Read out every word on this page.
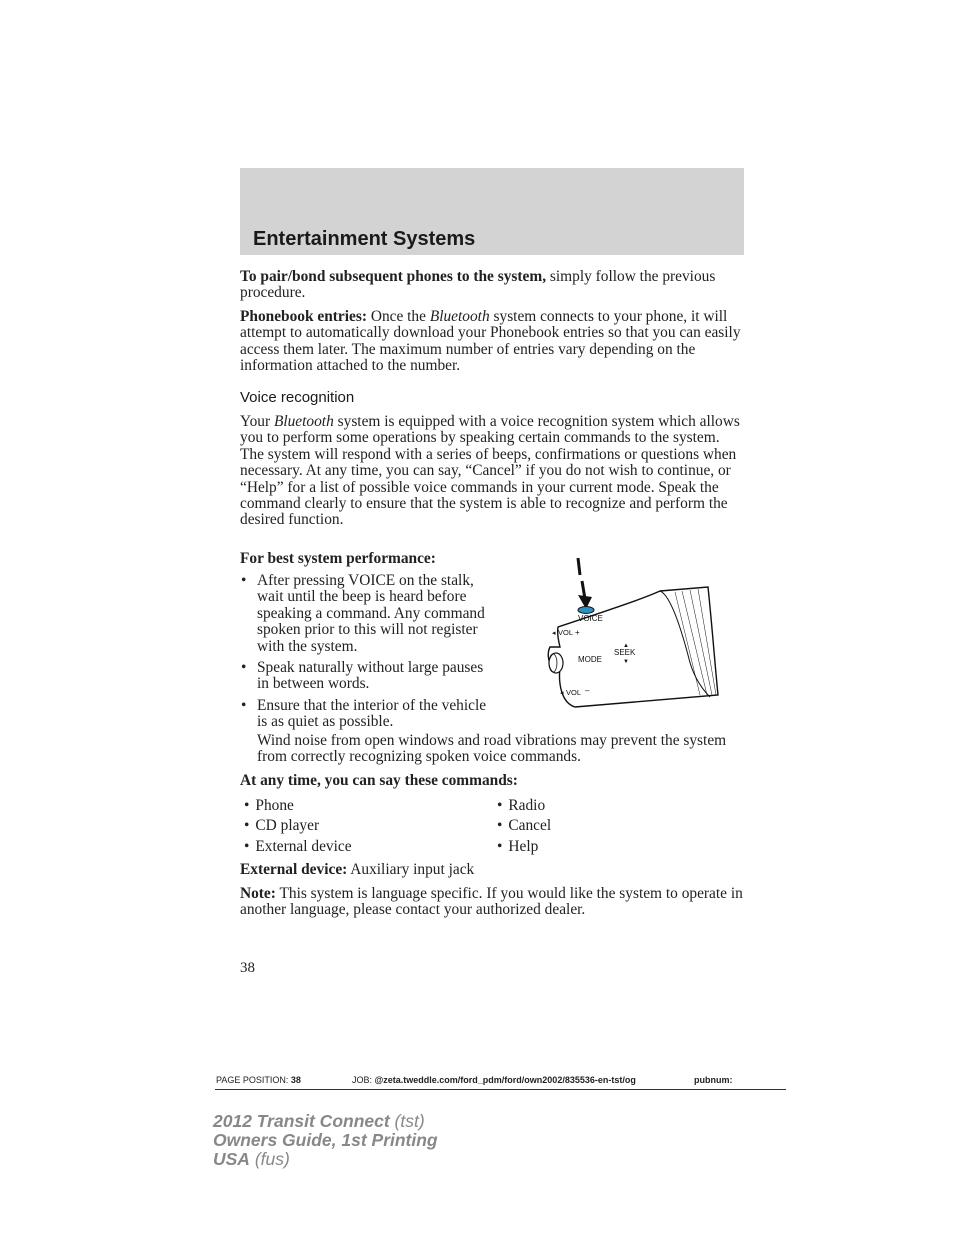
Entertainment Systems

To pair/bond subsequent phones to the system, simply follow the previous procedure.

Phonebook entries: Once the Bluetooth system connects to your phone, it will attempt to automatically download your Phonebook entries so that you can easily access them later. The maximum number of entries vary depending on the information attached to the number.

Voice recognition

Your Bluetooth system is equipped with a voice recognition system which allows you to perform some operations by speaking certain commands to the system. The system will respond with a series of beeps, confirmations or questions when necessary. At any time, you can say, “Cancel” if you do not wish to continue, or “Help” for a list of possible voice commands in your current mode. Speak the command clearly to ensure that the system is able to recognize and perform the desired function.

For best system performance:

• After pressing VOICE on the stalk, wait until the beep is heard before speaking a command. Any command spoken prior to this will not register with the system.
• Speak naturally without large pauses in between words.
• Ensure that the interior of the vehicle is as quiet as possible.

Wind noise from open windows and road vibrations may prevent the system from correctly recognizing spoken voice commands.

VOICE
◂ VOL +
MODE
▲
SEEK
▼
◂ VOL –

At any time, you can say these commands:

• Phone
• CD player
• External device
• Radio
• Cancel
• Help

External device: Auxiliary input jack

Note: This system is language specific. If you would like the system to operate in another language, please contact your authorized dealer.

38
PAGE POSITION: 38	JOB: @zeta.tweddle.com/ford_pdm/ford/own2002/835536-en-tst/og	pubnum:
2012 Transit Connect (tst)
Owners Guide, 1st Printing
USA (fus)
